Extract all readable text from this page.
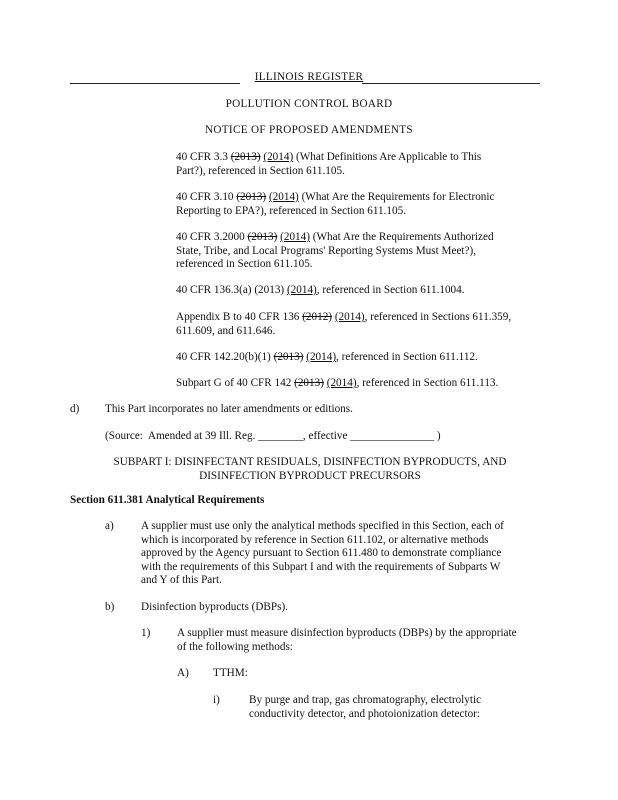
ILLINOIS REGISTER
POLLUTION CONTROL BOARD
NOTICE OF PROPOSED AMENDMENTS

40 CFR 3.3 (2013) (2014) (What Definitions Are Applicable to This

Part?), referenced in Section 611.105.

40 CFR 3.10 (2013) (2014) (What Are the Requirements for Electronic

Reporting to EPA?), referenced in Section 611.105.

40 CFR 3.2000 (2013) (2014) (What Are the Requirements Authorized

State, Tribe, and Local Programs' Reporting Systems Must Meet?),

referenced in Section 611.105.

40 CFR 136.3(a) (2013) (2014), referenced in Section 611.1004.

Appendix B to 40 CFR 136 (2012) (2014), referenced in Sections 611.359,

611.609, and 611.646.

40 CFR 142.20(b)(1) (2013) (2014), referenced in Section 611.112.

Subpart G of 40 CFR 142 (2013) (2014), referenced in Section 611.113.

d) This Part incorporates no later amendments or editions.
(Source:  Amended at 39 Ill. Reg. ________, effective _______________ )

SUBPART I: DISINFECTANT RESIDUALS, DISINFECTION BYPRODUCTS, AND

DISINFECTION BYPRODUCT PRECURSORS

Section 611.381 Analytical Requirements
a) A supplier must use only the analytical methods specified in this Section, each of

which is incorporated by reference in Section 611.102, or alternative methods

approved by the Agency pursuant to Section 611.480 to demonstrate compliance

with the requirements of this Subpart I and with the requirements of Subparts W

and Y of this Part.

b) Disinfection byproducts (DBPs).
1) A supplier must measure disinfection byproducts (DBPs) by the appropriate

of the following methods:

A) TTHM:
i)	By purge and trap, gas chromatography, electrolytic

conductivity detector, and photoionization detector:
